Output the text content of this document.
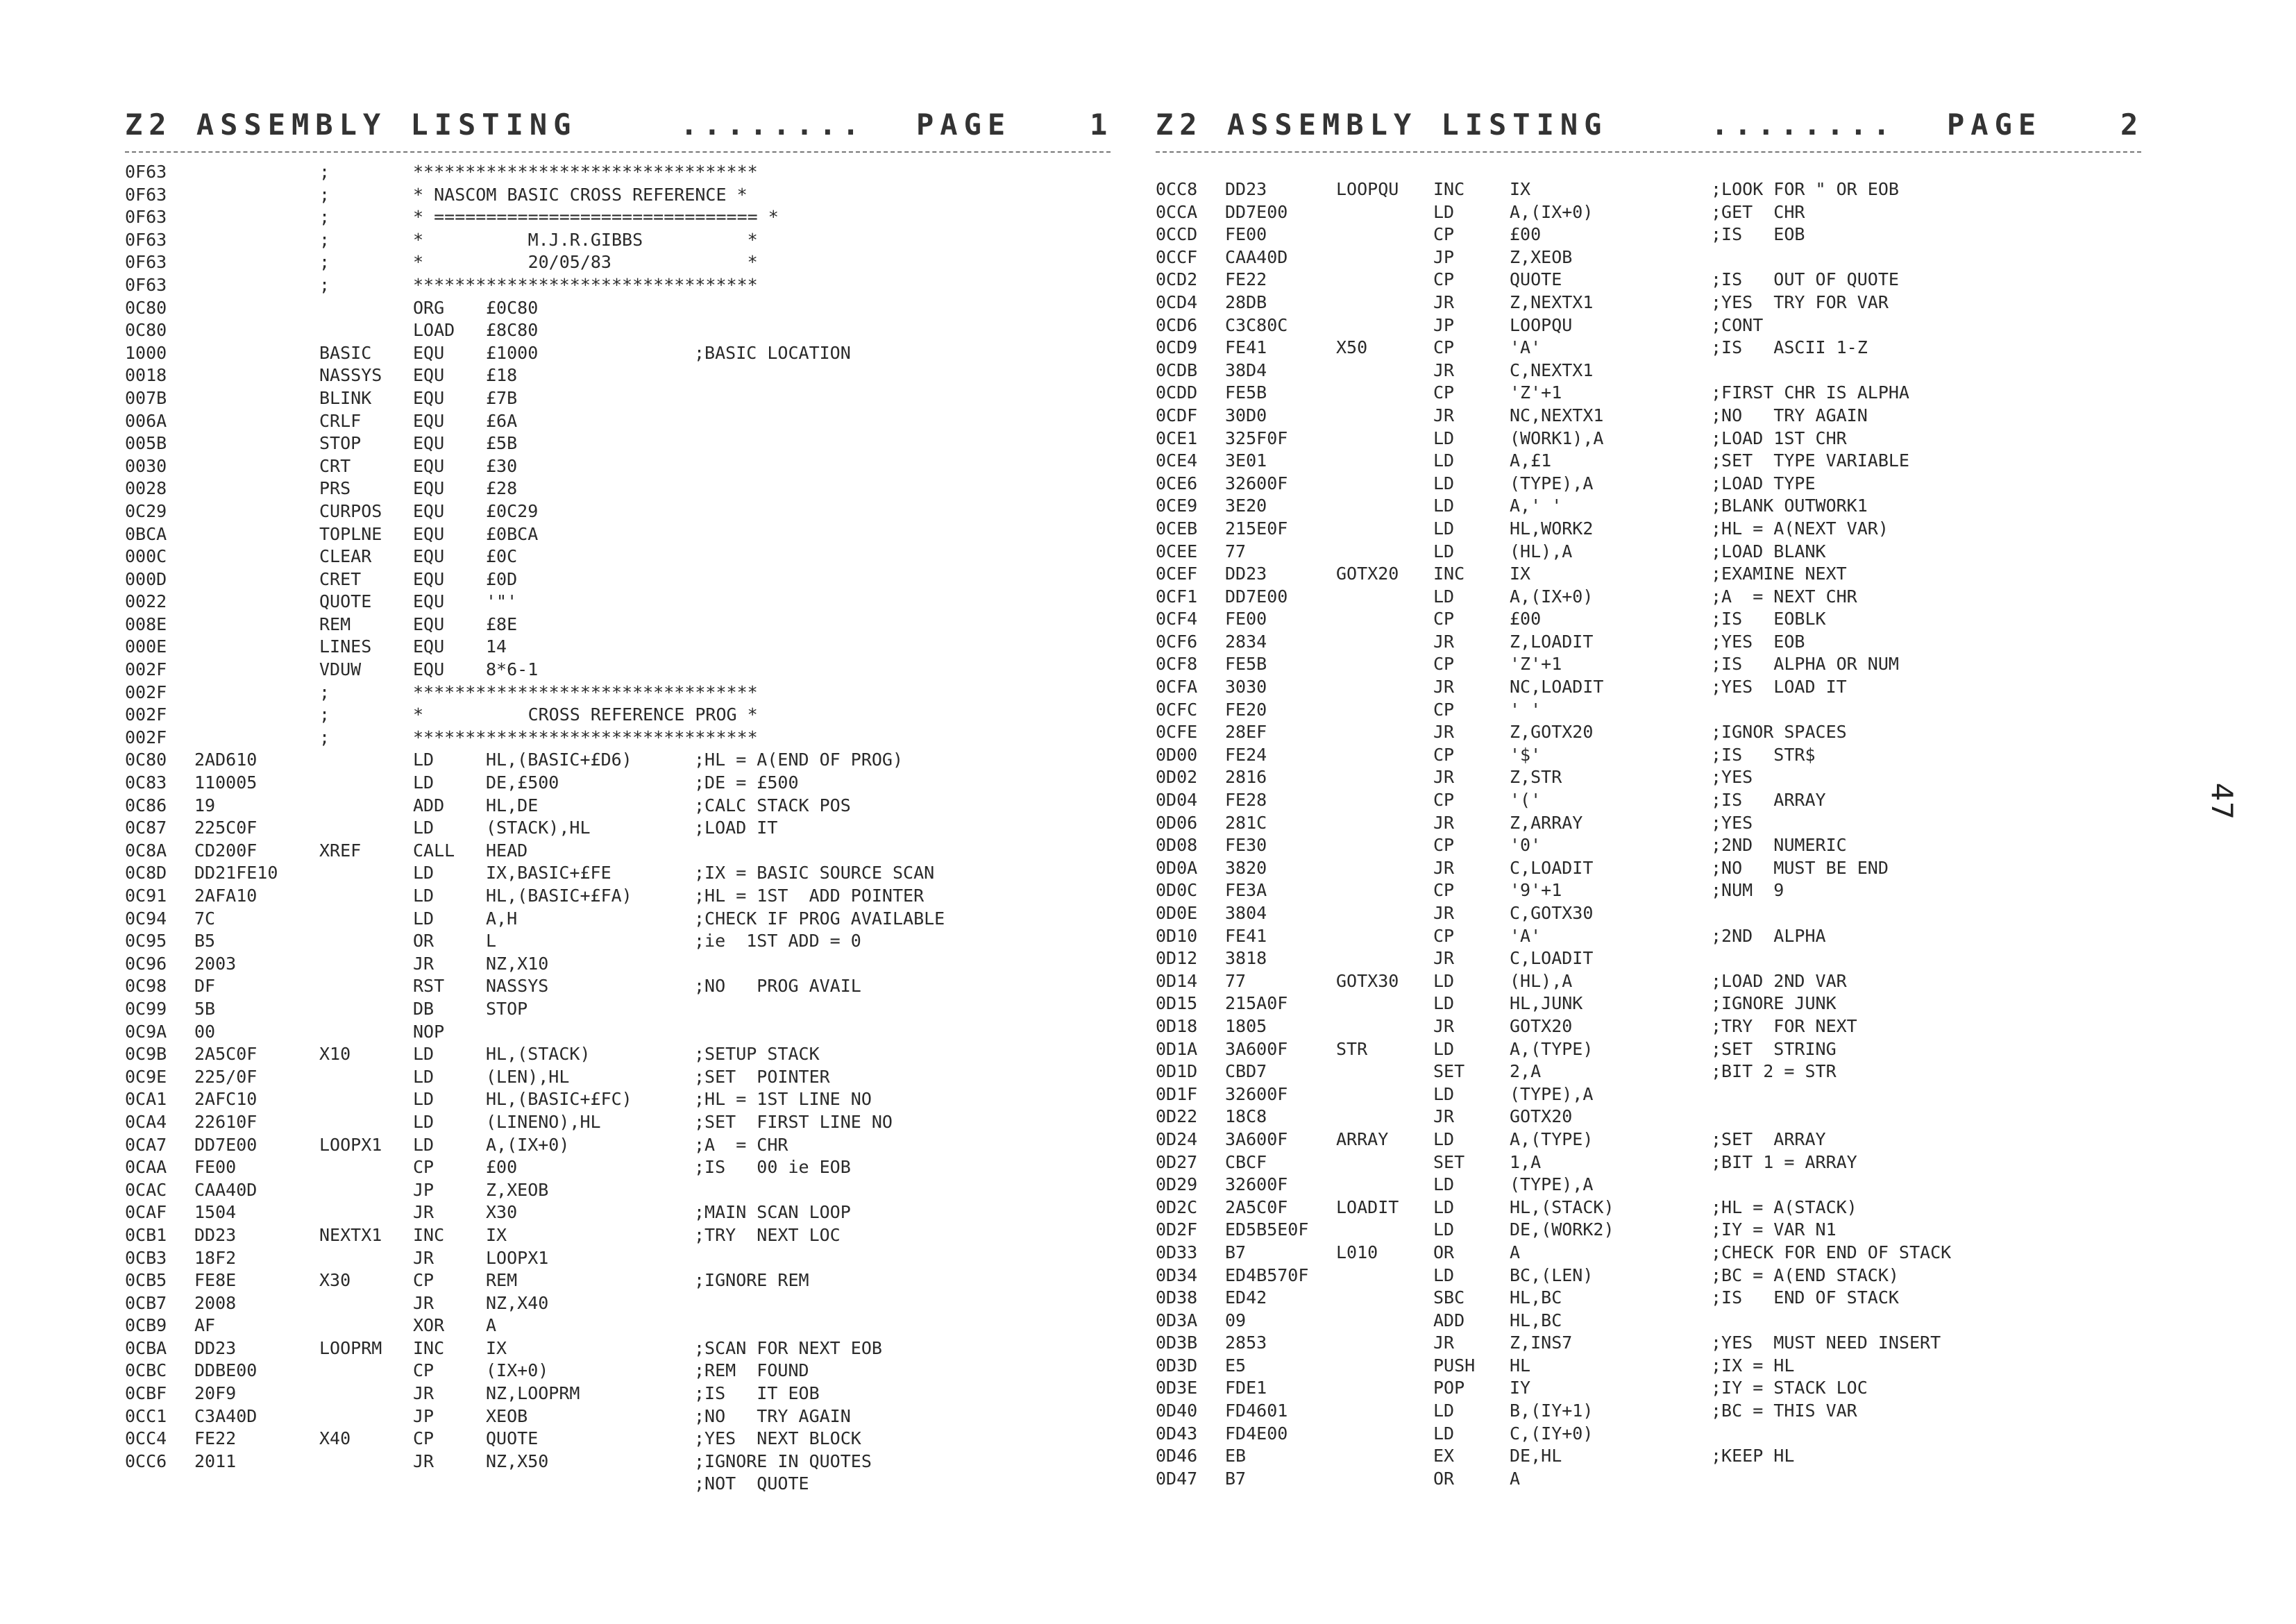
Z2 ASSEMBLY LISTING	........ PAGE	1
0F63	;	*********************************
0F63	;	* NASCOM BASIC CROSS REFERENCE *
0F63	;	* =============================== *
0F63	;	*          M.J.R.GIBBS          *
0F63	;	*          20/05/83             *
0F63	;	*********************************
0C80	ORG £0C80
0C80	LOAD £8C80
1000	BASIC EQU £1000	;BASIC LOCATION
0018	NASSYS EQU £18
007B	BLINK EQU £7B
006A	CRLF	EQU £6A
005B	STOP	EQU £5B
0030	CRT	EQU £30
0028	PRS	EQU £28
0C29	CURPOS EQU £0C29
0BCA	TOPLNE EQU £0BCA
000C	CLEAR EQU £0C
000D	CRET	EQU £0D
0022	QUOTE EQU '"'
008E	REM	EQU £8E
000E	LINES EQU 14
002F	VDUW	EQU 8*6-1
002F	;	*********************************
002F	;	*          CROSS REFERENCE PROG *
002F	;	*********************************
0C80 2AD610	LD	HL,(BASIC+£D6)	;HL = A(END OF PROG)
0C83 110005	LD	DE,£500	;DE = £500
0C86 19	ADD HL,DE	;CALC STACK POS
0C87 225C0F	LD	(STACK),HL	;LOAD IT
0C8A CD200F	XREF	CALL HEAD
0C8D DD21FE10	LD	IX,BASIC+£FE	;IX = BASIC SOURCE SCAN
0C91 2AFA10	LD	HL,(BASIC+£FA)	;HL = 1ST  ADD POINTER
0C94 7C	LD	A,H	;CHECK IF PROG AVAILABLE
0C95 B5	OR	L	;ie  1ST ADD = 0
0C96 2003	JR	NZ,X10
0C98 DF	RST NASSYS	;NO   PROG AVAIL
0C99 5B	DB	STOP
0C9A 00	NOP
0C9B 2A5C0F	X10	LD	HL,(STACK)	;SETUP STACK
0C9E 225/0F	LD	(LEN),HL	;SET  POINTER
0CA1 2AFC10	LD	HL,(BASIC+£FC)	;HL = 1ST LINE NO
0CA4 22610F	LD	(LINENO),HL	;SET  FIRST LINE NO
0CA7 DD7E00	LOOPX1 LD	A,(IX+0)	;A  = CHR
0CAA FE00	CP	£00	;IS   00 ie EOB
0CAC CAA40D	JP	Z,XEOB
0CAF 1504	JR	X30	;MAIN SCAN LOOP
0CB1 DD23	NEXTX1 INC IX	;TRY  NEXT LOC
0CB3 18F2	JR	LOOPX1
0CB5 FE8E	X30	CP	REM	;IGNORE REM
0CB7 2008	JR	NZ,X40
0CB9 AF	XOR A
0CBA DD23	LOOPRM INC IX	;SCAN FOR NEXT EOB
0CBC DDBE00	CP	(IX+0)	;REM  FOUND
0CBF 20F9	JR	NZ,LOOPRM	;IS   IT EOB
0CC1 C3A40D	JP	XEOB	;NO   TRY AGAIN
0CC4 FE22	X40	CP	QUOTE	;YES  NEXT BLOCK
0CC6 2011	JR	NZ,X50	;IGNORE IN QUOTES
;NOT  QUOTE
Z2 ASSEMBLY LISTING	........ PAGE	2
0CC8 DD23	LOOPQU INC	IX	;LOOK FOR " OR EOB
0CCA DD7E00	LD	A,(IX+0)	;GET  CHR
0CCD FE00	CP	£00	;IS   EOB
0CCF CAA40D	JP	Z,XEOB
0CD2 FE22	CP	QUOTE	;IS   OUT OF QUOTE
0CD4 28DB	JR	Z,NEXTX1	;YES  TRY FOR VAR
0CD6 C3C80C	JP	LOOPQU	;CONT
0CD9 FE41	X50	CP	'A'	;IS   ASCII 1-Z
0CDB 38D4	JR	C,NEXTX1
0CDD FE5B	CP	'Z'+1	;FIRST CHR IS ALPHA
0CDF 30D0	JR	NC,NEXTX1	;NO   TRY AGAIN
0CE1 325F0F	LD	(WORK1),A	;LOAD 1ST CHR
0CE4 3E01	LD	A,£1	;SET  TYPE VARIABLE
0CE6 32600F	LD	(TYPE),A	;LOAD TYPE
0CE9 3E20	LD	A,' '	;BLANK OUTWORK1
0CEB 215E0F	LD	HL,WORK2	;HL = A(NEXT VAR)
0CEE 77	LD	(HL),A	;LOAD BLANK
0CEF DD23	GOTX20 INC	IX	;EXAMINE NEXT
0CF1 DD7E00	LD	A,(IX+0)	;A  = NEXT CHR
0CF4 FE00	CP	£00	;IS   EOBLK
0CF6 2834	JR	Z,LOADIT	;YES  EOB
0CF8 FE5B	CP	'Z'+1	;IS   ALPHA OR NUM
0CFA 3030	JR	NC,LOADIT	;YES  LOAD IT
0CFC FE20	CP	' '
0CFE 28EF	JR	Z,GOTX20	;IGNOR SPACES
0D00 FE24	CP	'$'	;IS   STR$
0D02 2816	JR	Z,STR	;YES
0D04 FE28	CP	'('	;IS   ARRAY
0D06 281C	JR	Z,ARRAY	;YES
0D08 FE30	CP	'0'	;2ND  NUMERIC
0D0A 3820	JR	C,LOADIT	;NO   MUST BE END
0D0C FE3A	CP	'9'+1	;NUM  9
0D0E 3804	JR	C,GOTX30
0D10 FE41	CP	'A'	;2ND  ALPHA
0D12 3818	JR	C,LOADIT
0D14 77	GOTX30 LD	(HL),A	;LOAD 2ND VAR
0D15 215A0F	LD	HL,JUNK	;IGNORE JUNK
0D18 1805	JR	GOTX20	;TRY  FOR NEXT
0D1A 3A600F	STR	LD	A,(TYPE)	;SET  STRING
0D1D CBD7	SET	2,A	;BIT 2 = STR
0D1F 32600F	LD	(TYPE),A
0D22 18C8	JR	GOTX20
0D24 3A600F	ARRAY	LD	A,(TYPE)	;SET  ARRAY
0D27 CBCF	SET	1,A	;BIT 1 = ARRAY
0D29 32600F	LD	(TYPE),A
0D2C 2A5C0F	LOADIT LD	HL,(STACK)	;HL = A(STACK)
0D2F ED5B5E0F	LD	DE,(WORK2)	;IY = VAR N1
0D33 B7	L010	OR	A	;CHECK FOR END OF STACK
0D34 ED4B570F	LD	BC,(LEN)	;BC = A(END STACK)
0D38 ED42	SBC	HL,BC	;IS   END OF STACK
0D3A 09	ADD	HL,BC
0D3B 2853	JR	Z,INS7	;YES  MUST NEED INSERT
0D3D E5	PUSH HL	;IX = HL
0D3E FDE1	POP	IY	;IY = STACK LOC
0D40 FD4601	LD	B,(IY+1)	;BC = THIS VAR
0D43 FD4E00	LD	C,(IY+0)
0D46 EB	EX	DE,HL	;KEEP HL
0D47 B7	OR	A
47
